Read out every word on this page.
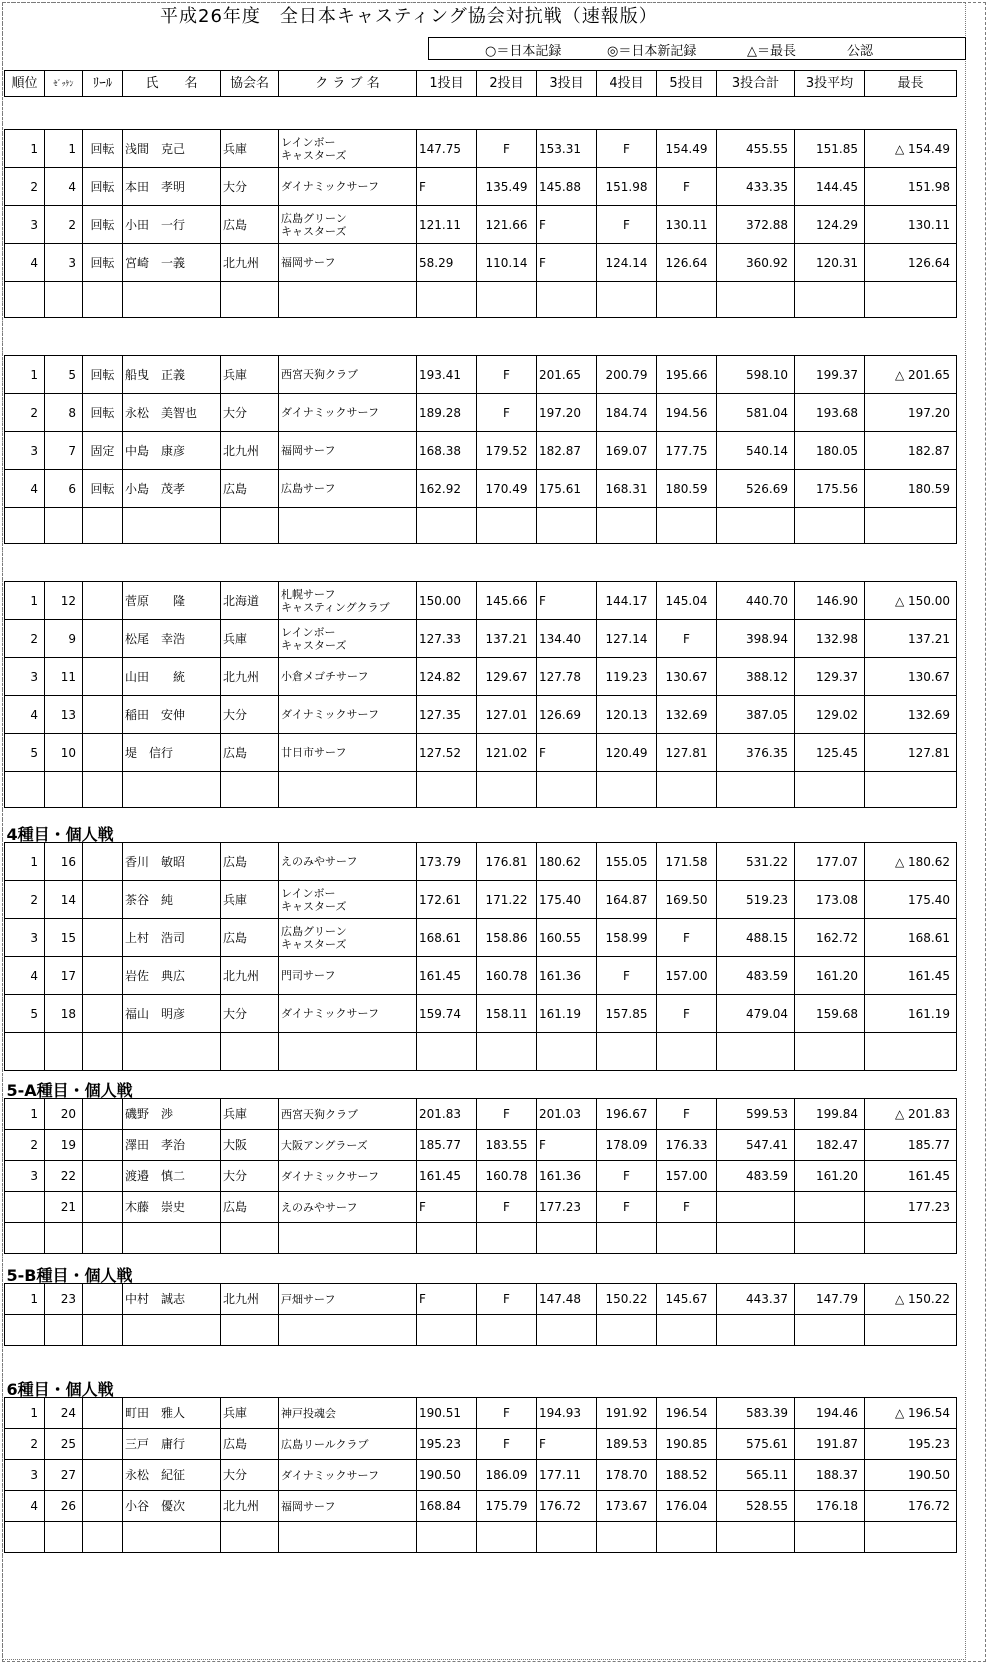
平成26年度　全日本キャスティング協会対抗戦（速報版）
○＝日本記録	◎＝日本新記録	△＝最長	公認
順位	ｾﾞｯｹﾝ	ﾘｰﾙ	氏　　名	協会名	ク ラ ブ 名	1投目	2投目	3投目	4投目	5投目	3投合計	3投平均	最長

1	1	回転	浅間　克己	兵庫	レインボー
キャスターズ	147.75	F	153.31	F	154.49	455.55	151.85	△ 154.49
2	4	回転	本田　孝明	大分	ダイナミックサーフ	F	135.49	145.88	151.98	F	433.35	144.45	151.98
3	2	回転	小田　一行	広島	広島グリーン
キャスターズ	121.11	121.66	F	F	130.11	372.88	124.29	130.11
4	3	回転	宮崎　一義	北九州	福岡サーフ	58.29	110.14	F	124.14	126.64	360.92	120.31	126.64

1	5	回転	船曳　正義	兵庫	西宮天狗クラブ	193.41	F	201.65	200.79	195.66	598.10	199.37	△ 201.65
2	8	回転	永松　美智也	大分	ダイナミックサーフ	189.28	F	197.20	184.74	194.56	581.04	193.68	197.20
3	7	固定	中島　康彦	北九州	福岡サーフ	168.38	179.52	182.87	169.07	177.75	540.14	180.05	182.87
4	6	回転	小島　茂孝	広島	広島サーフ	162.92	170.49	175.61	168.31	180.59	526.69	175.56	180.59

1	12		菅原　　隆	北海道	札幌サーフ
キャスティングクラブ	150.00	145.66	F	144.17	145.04	440.70	146.90	△ 150.00
2	9		松尾　幸浩	兵庫	レインボー
キャスターズ	127.33	137.21	134.40	127.14	F	398.94	132.98	137.21
3	11		山田　　統	北九州	小倉メゴチサーフ	124.82	129.67	127.78	119.23	130.67	388.12	129.37	130.67
4	13		稲田　安伸	大分	ダイナミックサーフ	127.35	127.01	126.69	120.13	132.69	387.05	129.02	132.69
5	10		堤　信行	広島	廿日市サーフ	127.52	121.02	F	120.49	127.81	376.35	125.45	127.81

4種目・個人戦													
1	16		香川　敏昭	広島	えのみやサーフ	173.79	176.81	180.62	155.05	171.58	531.22	177.07	△ 180.62
2	14		茶谷　純	兵庫	レインボー
キャスターズ	172.61	171.22	175.40	164.87	169.50	519.23	173.08	175.40
3	15		上村　浩司	広島	広島グリーン
キャスターズ	168.61	158.86	160.55	158.99	F	488.15	162.72	168.61
4	17		岩佐　典広	北九州	門司サーフ	161.45	160.78	161.36	F	157.00	483.59	161.20	161.45
5	18		福山　明彦	大分	ダイナミックサーフ	159.74	158.11	161.19	157.85	F	479.04	159.68	161.19

5-A種目・個人戦													
1	20		磯野　渉	兵庫	西宮天狗クラブ	201.83	F	201.03	196.67	F	599.53	199.84	△ 201.83
2	19		澤田　孝治	大阪	大阪アングラーズ	185.77	183.55	F	178.09	176.33	547.41	182.47	185.77
3	22		渡邉　慎二	大分	ダイナミックサーフ	161.45	160.78	161.36	F	157.00	483.59	161.20	161.45
	21		木藤　崇史	広島	えのみやサーフ	F	F	177.23	F	F			177.23

5-B種目・個人戦													
1	23		中村　誠志	北九州	戸畑サーフ	F	F	147.48	150.22	145.67	443.37	147.79	△ 150.22

6種目・個人戦													
1	24		町田　雅人	兵庫	神戸投魂会	190.51	F	194.93	191.92	196.54	583.39	194.46	△ 196.54
2	25		三戸　庸行	広島	広島リールクラブ	195.23	F	F	189.53	190.85	575.61	191.87	195.23
3	27		永松　紀征	大分	ダイナミックサーフ	190.50	186.09	177.11	178.70	188.52	565.11	188.37	190.50
4	26		小谷　優次	北九州	福岡サーフ	168.84	175.79	176.72	173.67	176.04	528.55	176.18	176.72
